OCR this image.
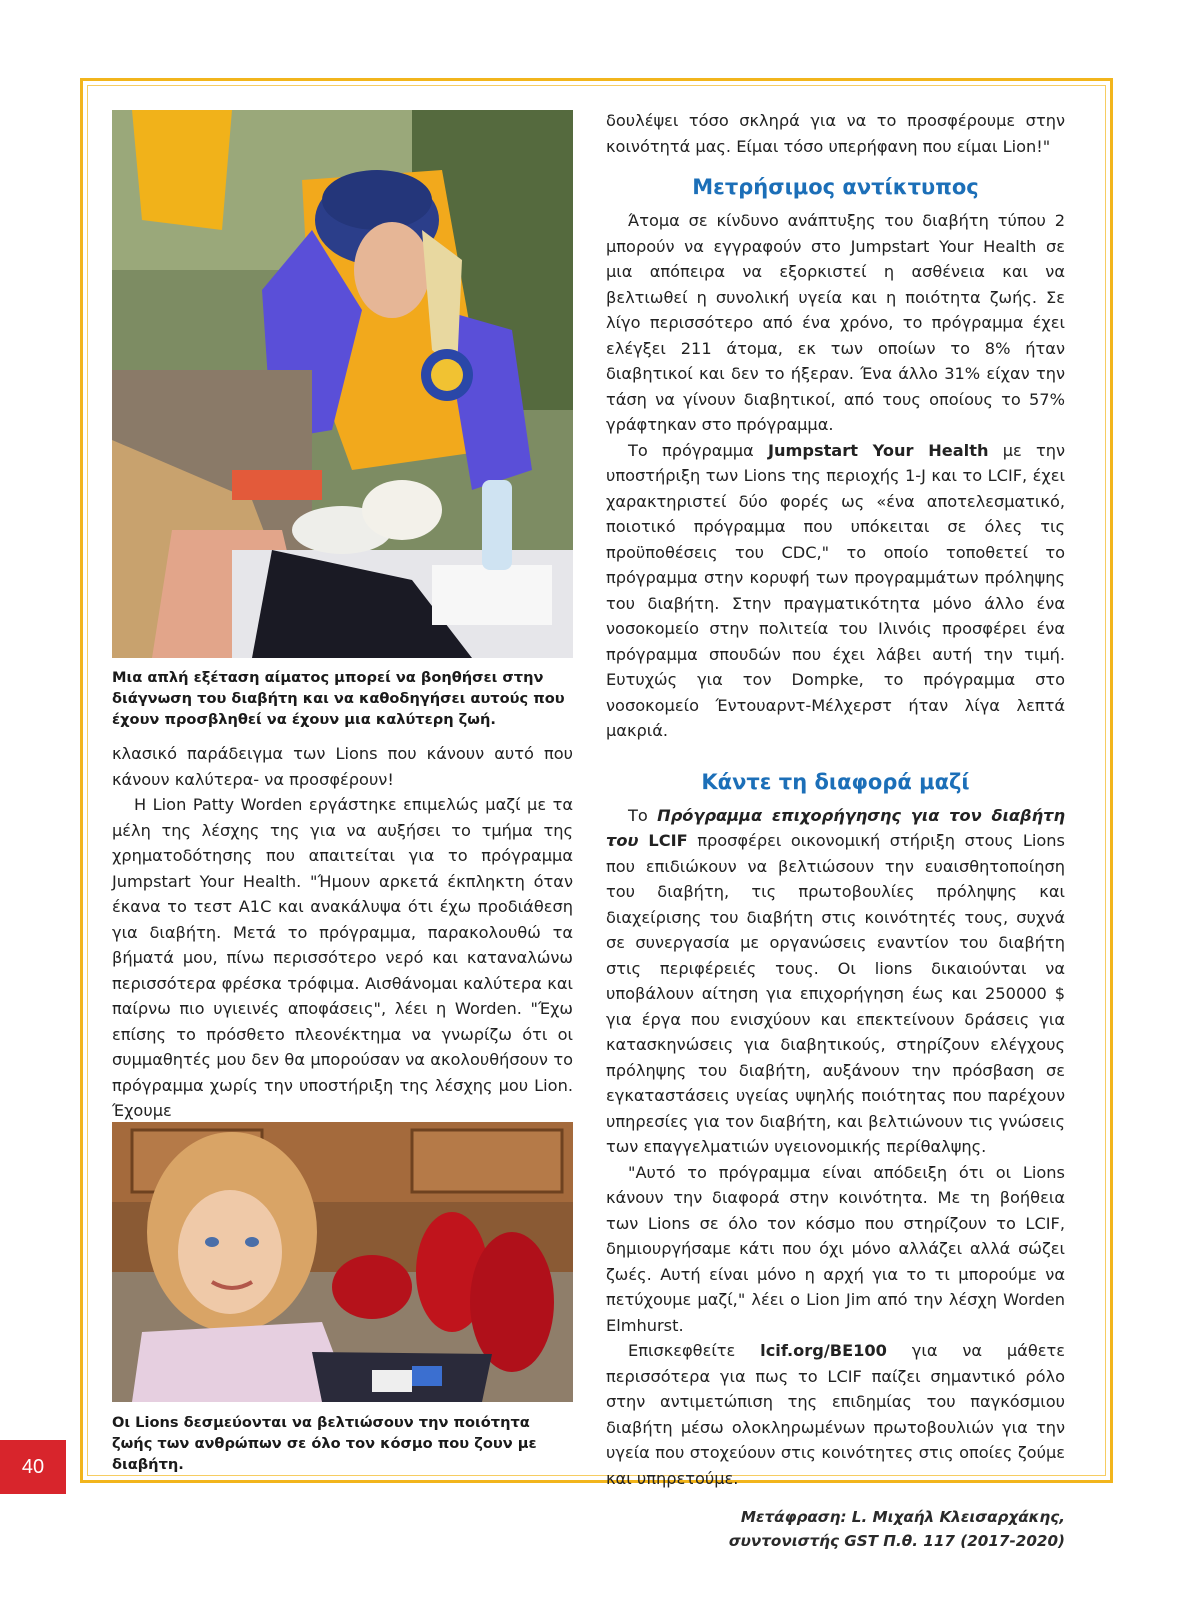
Μια απλή εξέταση αίματος μπορεί να βοηθήσει στην διάγνωση του διαβήτη και να καθοδηγήσει αυτούς που έχουν προσβληθεί να έχουν μια καλύτερη ζωή.

κλασικό παράδειγμα των Lions που κάνουν αυτό που κάνουν καλύτερα- να προσφέρουν!

Η Lion Patty Worden εργάστηκε επιμελώς μαζί με τα μέλη της λέσχης της για να αυξήσει το τμήμα της χρηματοδότησης που απαιτείται για το πρόγραμμα Jumpstart Your Health. "Ήμουν αρκετά έκπληκτη όταν έκανα το τεστ A1C και ανακάλυψα ότι έχω προδιάθεση για διαβήτη. Μετά το πρόγραμμα, παρακολουθώ τα βήματά μου, πίνω περισσότερο νερό και καταναλώνω περισσότερα φρέσκα τρόφιμα. Αισθάνομαι καλύτερα και παίρνω πιο υγιεινές αποφάσεις", λέει η Worden. "Έχω επίσης το πρόσθετο πλεονέκτημα να γνωρίζω ότι οι συμμαθητές μου δεν θα μπορούσαν να ακολουθήσουν το πρόγραμμα χωρίς την υποστήριξη της λέσχης μου Lion. Έχουμε

Οι Lions δεσμεύονται να βελτιώσουν την ποιότητα ζωής των ανθρώπων σε όλο τον κόσμο που ζουν με διαβήτη.

δουλέψει τόσο σκληρά για να το προσφέρουμε στην κοινότητά μας. Είμαι τόσο υπερήφανη που είμαι Lion!"

Μετρήσιμος αντίκτυπος

Άτομα σε κίνδυνο ανάπτυξης του διαβήτη τύπου 2 μπορούν να εγγραφούν στο Jumpstart Your Health σε μια απόπειρα να εξορκιστεί η ασθένεια και να βελτιωθεί η συνολική υγεία και η ποιότητα ζωής. Σε λίγο περισσότερο από ένα χρόνο, το πρόγραμμα έχει ελέγξει 211 άτομα, εκ των οποίων το 8% ήταν διαβητικοί και δεν το ήξεραν. Ένα άλλο 31% είχαν την τάση να γίνουν διαβητικοί, από τους οποίους το 57% γράφτηκαν στο πρόγραμμα.

Το πρόγραμμα Jumpstart Your Health με την υποστήριξη των Lions της περιοχής 1-J και το LCIF, έχει χαρακτηριστεί δύο φορές ως «ένα αποτελεσματικό, ποιοτικό πρόγραμμα που υπόκειται σε όλες τις προϋποθέσεις του CDC," το οποίο τοποθετεί το πρόγραμμα στην κορυφή των προγραμμάτων πρόληψης του διαβήτη. Στην πραγματικότητα μόνο άλλο ένα νοσοκομείο στην πολιτεία του Ιλινόις προσφέρει ένα πρόγραμμα σπουδών που έχει λάβει αυτή την τιμή. Ευτυχώς για τον Dompke, το πρόγραμμα στο νοσοκομείο Έντουαρντ-Μέλχερστ ήταν λίγα λεπτά μακριά.

Κάντε τη διαφορά μαζί

Το Πρόγραμμα επιχορήγησης για τον διαβήτη του LCIF προσφέρει οικονομική στήριξη στους Lions που επιδιώκουν να βελτιώσουν την ευαισθητοποίηση του διαβήτη, τις πρωτοβουλίες πρόληψης και διαχείρισης του διαβήτη στις κοινότητές τους, συχνά σε συνεργασία με οργανώσεις εναντίον του διαβήτη στις περιφέρειές τους. Οι lions δικαιούνται να υποβάλουν αίτηση για επιχορήγηση έως και 250000 $ για έργα που ενισχύουν και επεκτείνουν δράσεις για κατασκηνώσεις για διαβητικούς, στηρίζουν ελέγχους πρόληψης του διαβήτη, αυξάνουν την πρόσβαση σε εγκαταστάσεις υγείας υψηλής ποιότητας που παρέχουν υπηρεσίες για τον διαβήτη, και βελτιώνουν τις γνώσεις των επαγγελματιών υγειονομικής περίθαλψης.

"Αυτό το πρόγραμμα είναι απόδειξη ότι οι Lions κάνουν την διαφορά στην κοινότητα. Με τη βοήθεια των Lions σε όλο τον κόσμο που στηρίζουν το LCIF, δημιουργήσαμε κάτι που όχι μόνο αλλάζει αλλά σώζει ζωές. Αυτή είναι μόνο η αρχή για το τι μπορούμε να πετύχουμε μαζί," λέει ο Lion Jim από την λέσχη Worden Elmhurst.

Επισκεφθείτε lcif.org/BE100 για να μάθετε περισσότερα για πως το LCIF παίζει σημαντικό ρόλο στην αντιμετώπιση της επιδημίας του παγκόσμιου διαβήτη μέσω ολοκληρωμένων πρωτοβουλιών για την υγεία που στοχεύουν στις κοινότητες στις οποίες ζούμε και υπηρετούμε.

Μετάφραση: L. Μιχαήλ Κλεισαρχάκης,
συντονιστής GST Π.θ. 117 (2017-2020)
40
